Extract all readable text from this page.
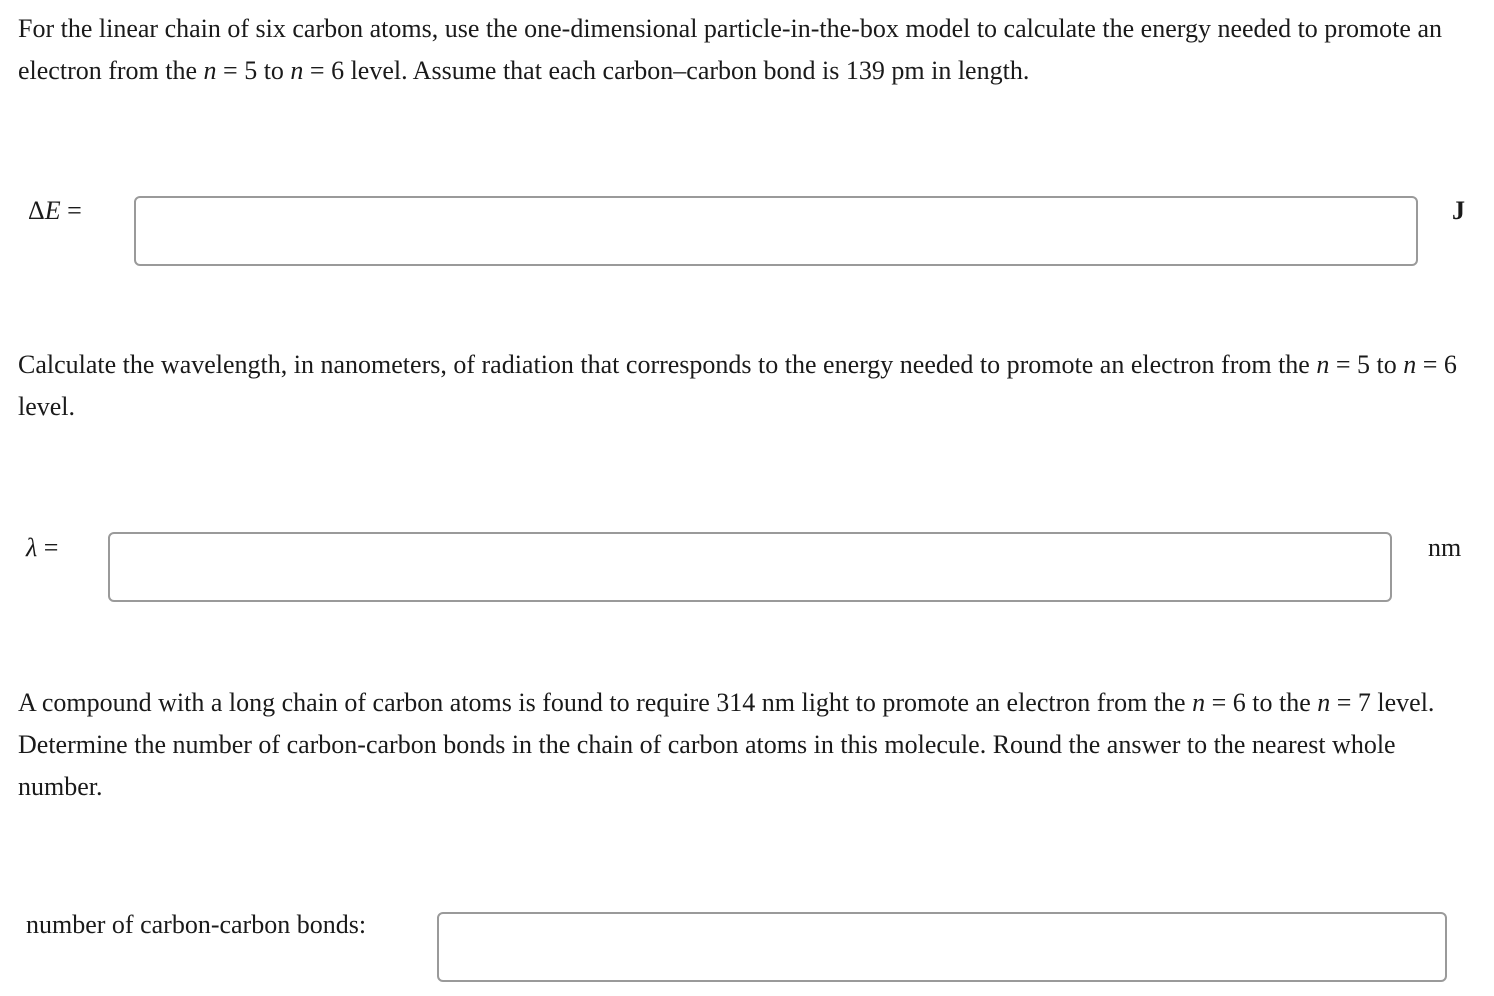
For the linear chain of six carbon atoms, use the one-dimensional particle-in-the-box model to calculate the energy needed to promote an electron from the n = 5 to n = 6 level. Assume that each carbon–carbon bond is 139 pm in length.

ΔE =	J

Calculate the wavelength, in nanometers, of radiation that corresponds to the energy needed to promote an electron from the n = 5 to n = 6 level.

λ =	nm

A compound with a long chain of carbon atoms is found to require 314 nm light to promote an electron from the n = 6 to the n = 7 level. Determine the number of carbon-carbon bonds in the chain of carbon atoms in this molecule. Round the answer to the nearest whole number.

number of carbon-carbon bonds:
